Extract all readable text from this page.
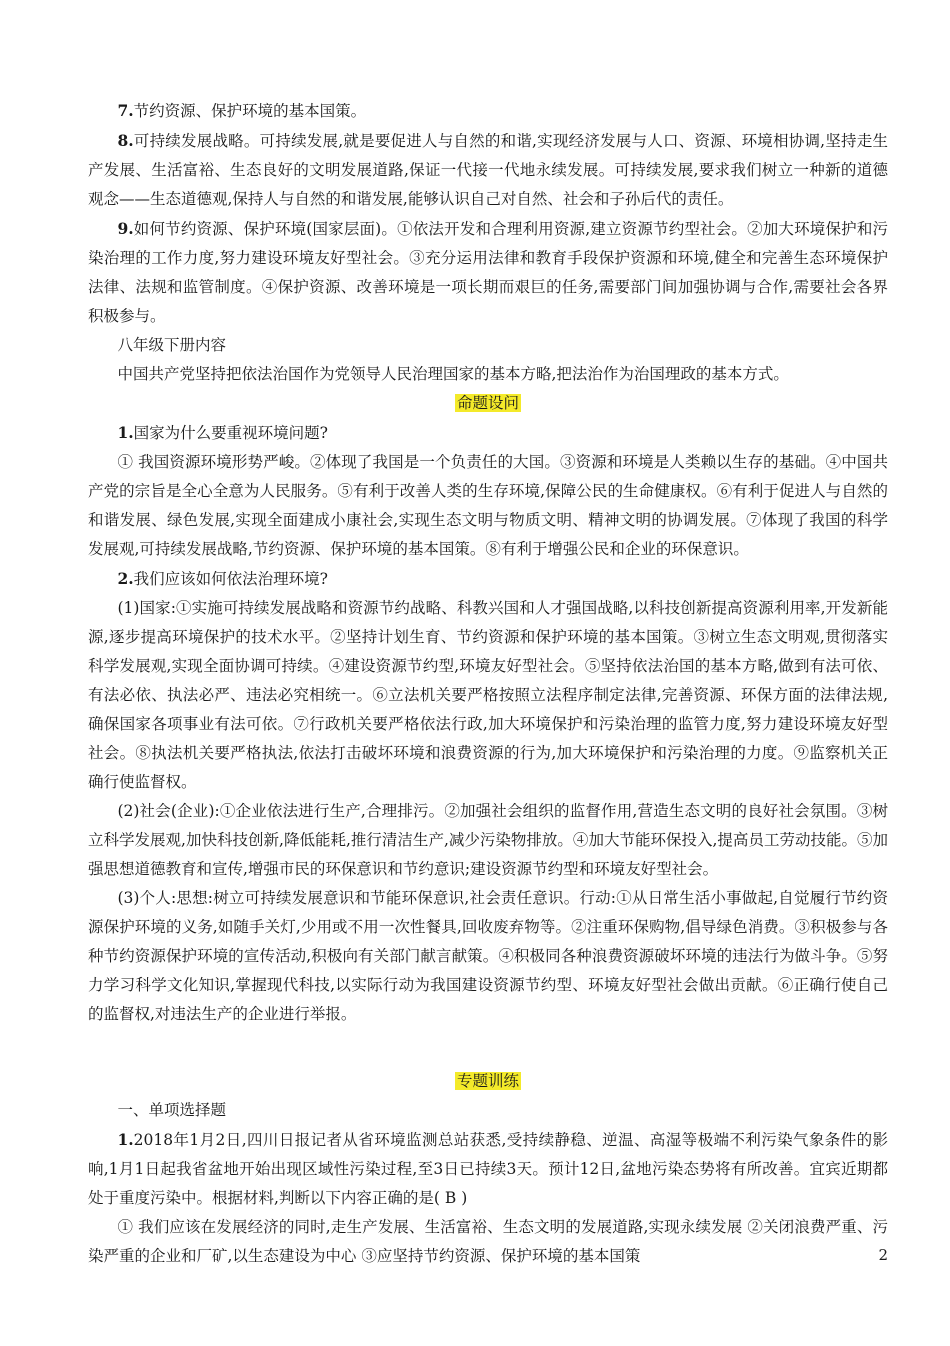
7.节约资源、保护环境的基本国策。

8.可持续发展战略。可持续发展,就是要促进人与自然的和谐,实现经济发展与人口、资源、环境相协调,坚持走生产发展、生活富裕、生态良好的文明发展道路,保证一代接一代地永续发展。可持续发展,要求我们树立一种新的道德观念——生态道德观,保持人与自然的和谐发展,能够认识自己对自然、社会和子孙后代的责任。

9.如何节约资源、保护环境(国家层面)。①依法开发和合理利用资源,建立资源节约型社会。②加大环境保护和污染治理的工作力度,努力建设环境友好型社会。③充分运用法律和教育手段保护资源和环境,健全和完善生态环境保护法律、法规和监管制度。④保护资源、改善环境是一项长期而艰巨的任务,需要部门间加强协调与合作,需要社会各界积极参与。

八年级下册内容

中国共产党坚持把依法治国作为党领导人民治理国家的基本方略,把法治作为治国理政的基本方式。

命题设问

1.国家为什么要重视环境问题?

① 我国资源环境形势严峻。②体现了我国是一个负责任的大国。③资源和环境是人类赖以生存的基础。④中国共产党的宗旨是全心全意为人民服务。⑤有利于改善人类的生存环境,保障公民的生命健康权。⑥有利于促进人与自然的和谐发展、绿色发展,实现全面建成小康社会,实现生态文明与物质文明、精神文明的协调发展。⑦体现了我国的科学发展观,可持续发展战略,节约资源、保护环境的基本国策。⑧有利于增强公民和企业的环保意识。

2.我们应该如何依法治理环境?

(1)国家:①实施可持续发展战略和资源节约战略、科教兴国和人才强国战略,以科技创新提高资源利用率,开发新能源,逐步提高环境保护的技术水平。②坚持计划生育、节约资源和保护环境的基本国策。③树立生态文明观,贯彻落实科学发展观,实现全面协调可持续。④建设资源节约型,环境友好型社会。⑤坚持依法治国的基本方略,做到有法可依、有法必依、执法必严、违法必究相统一。⑥立法机关要严格按照立法程序制定法律,完善资源、环保方面的法律法规,确保国家各项事业有法可依。⑦行政机关要严格依法行政,加大环境保护和污染治理的监管力度,努力建设环境友好型社会。⑧执法机关要严格执法,依法打击破坏环境和浪费资源的行为,加大环境保护和污染治理的力度。⑨监察机关正确行使监督权。

(2)社会(企业):①企业依法进行生产,合理排污。②加强社会组织的监督作用,营造生态文明的良好社会氛围。③树立科学发展观,加快科技创新,降低能耗,推行清洁生产,减少污染物排放。④加大节能环保投入,提高员工劳动技能。⑤加强思想道德教育和宣传,增强市民的环保意识和节约意识;建设资源节约型和环境友好型社会。

(3)个人:思想:树立可持续发展意识和节能环保意识,社会责任意识。行动:①从日常生活小事做起,自觉履行节约资源保护环境的义务,如随手关灯,少用或不用一次性餐具,回收废弃物等。②注重环保购物,倡导绿色消费。③积极参与各种节约资源保护环境的宣传活动,积极向有关部门献言献策。④积极同各种浪费资源破坏环境的违法行为做斗争。⑤努力学习科学文化知识,掌握现代科技,以实际行动为我国建设资源节约型、环境友好型社会做出贡献。⑥正确行使自己的监督权,对违法生产的企业进行举报。

专题训练

一、单项选择题

1.2018年1月2日,四川日报记者从省环境监测总站获悉,受持续静稳、逆温、高湿等极端不利污染气象条件的影响,1月1日起我省盆地开始出现区域性污染过程,至3日已持续3天。预计12日,盆地污染态势将有所改善。宜宾近期都处于重度污染中。根据材料,判断以下内容正确的是( B )

① 我们应该在发展经济的同时,走生产发展、生活富裕、生态文明的发展道路,实现永续发展 ②关闭浪费严重、污染严重的企业和厂矿,以生态建设为中心 ③应坚持节约资源、保护环境的基本国策	2
